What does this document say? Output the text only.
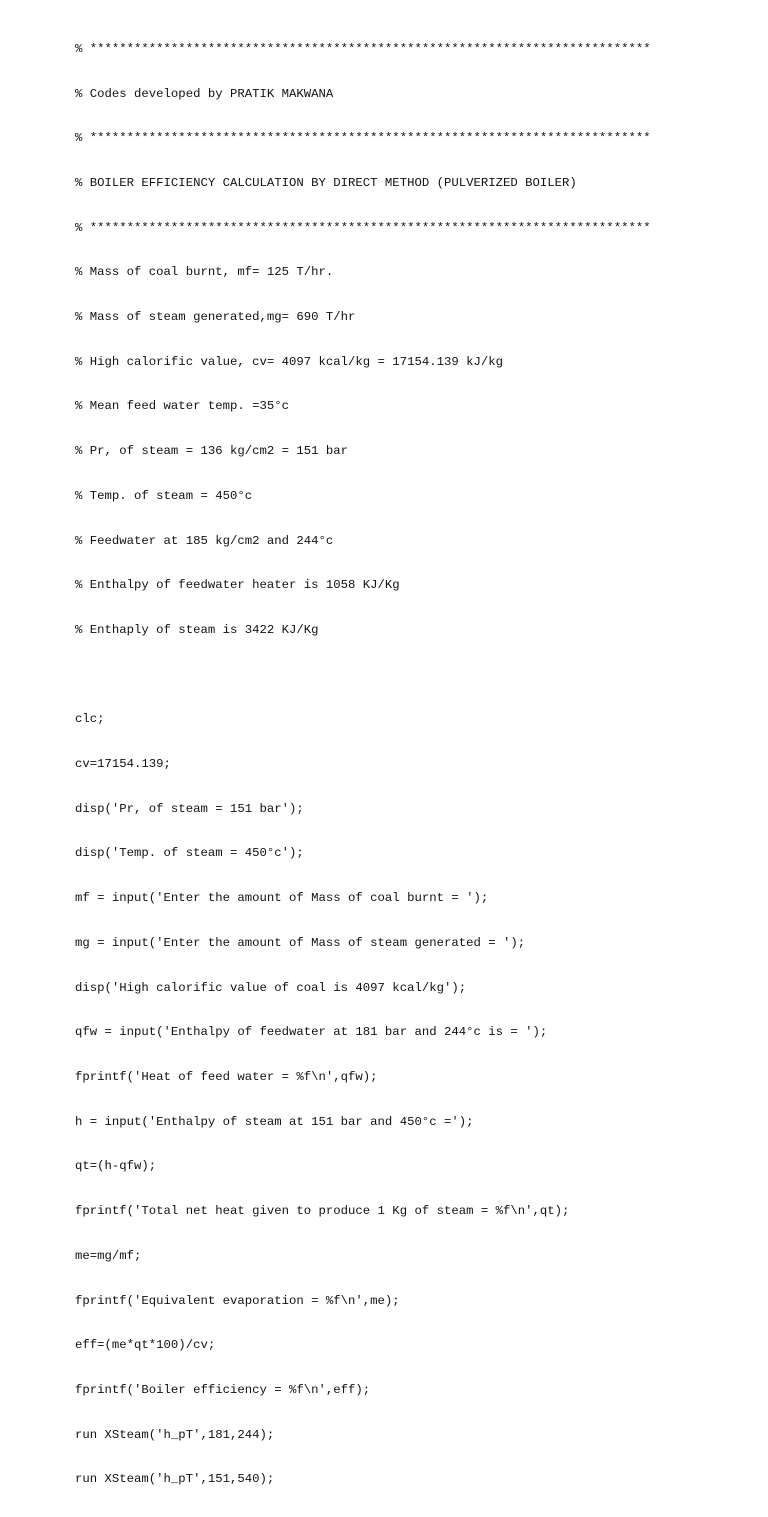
% ****************************************************************************

% Codes developed by PRATIK MAKWANA

% ****************************************************************************

% BOILER EFFICIENCY CALCULATION BY DIRECT METHOD (PULVERIZED BOILER)

% ****************************************************************************

% Mass of coal burnt, mf= 125 T/hr.

% Mass of steam generated,mg= 690 T/hr

% High calorific value, cv= 4097 kcal/kg = 17154.139 kJ/kg

% Mean feed water temp. =35°c

% Pr, of steam = 136 kg/cm2 = 151 bar

% Temp. of steam = 450°c

% Feedwater at 185 kg/cm2 and 244°c

% Enthalpy of feedwater heater is 1058 KJ/Kg

% Enthaply of steam is 3422 KJ/Kg

clc;

cv=17154.139;

disp('Pr, of steam = 151 bar');

disp('Temp. of steam = 450°c');

mf = input('Enter the amount of Mass of coal burnt = ');

mg = input('Enter the amount of Mass of steam generated = ');

disp('High calorific value of coal is 4097 kcal/kg');

qfw = input('Enthalpy of feedwater at 181 bar and 244°c is = ');

fprintf('Heat of feed water = %f\n',qfw);

h = input('Enthalpy of steam at 151 bar and 450°c =');

qt=(h-qfw);

fprintf('Total net heat given to produce 1 Kg of steam = %f\n',qt);

me=mg/mf;

fprintf('Equivalent evaporation = %f\n',me);

eff=(me*qt*100)/cv;

fprintf('Boiler efficiency = %f\n',eff);

run XSteam('h_pT',181,244);

run XSteam('h_pT',151,540);
